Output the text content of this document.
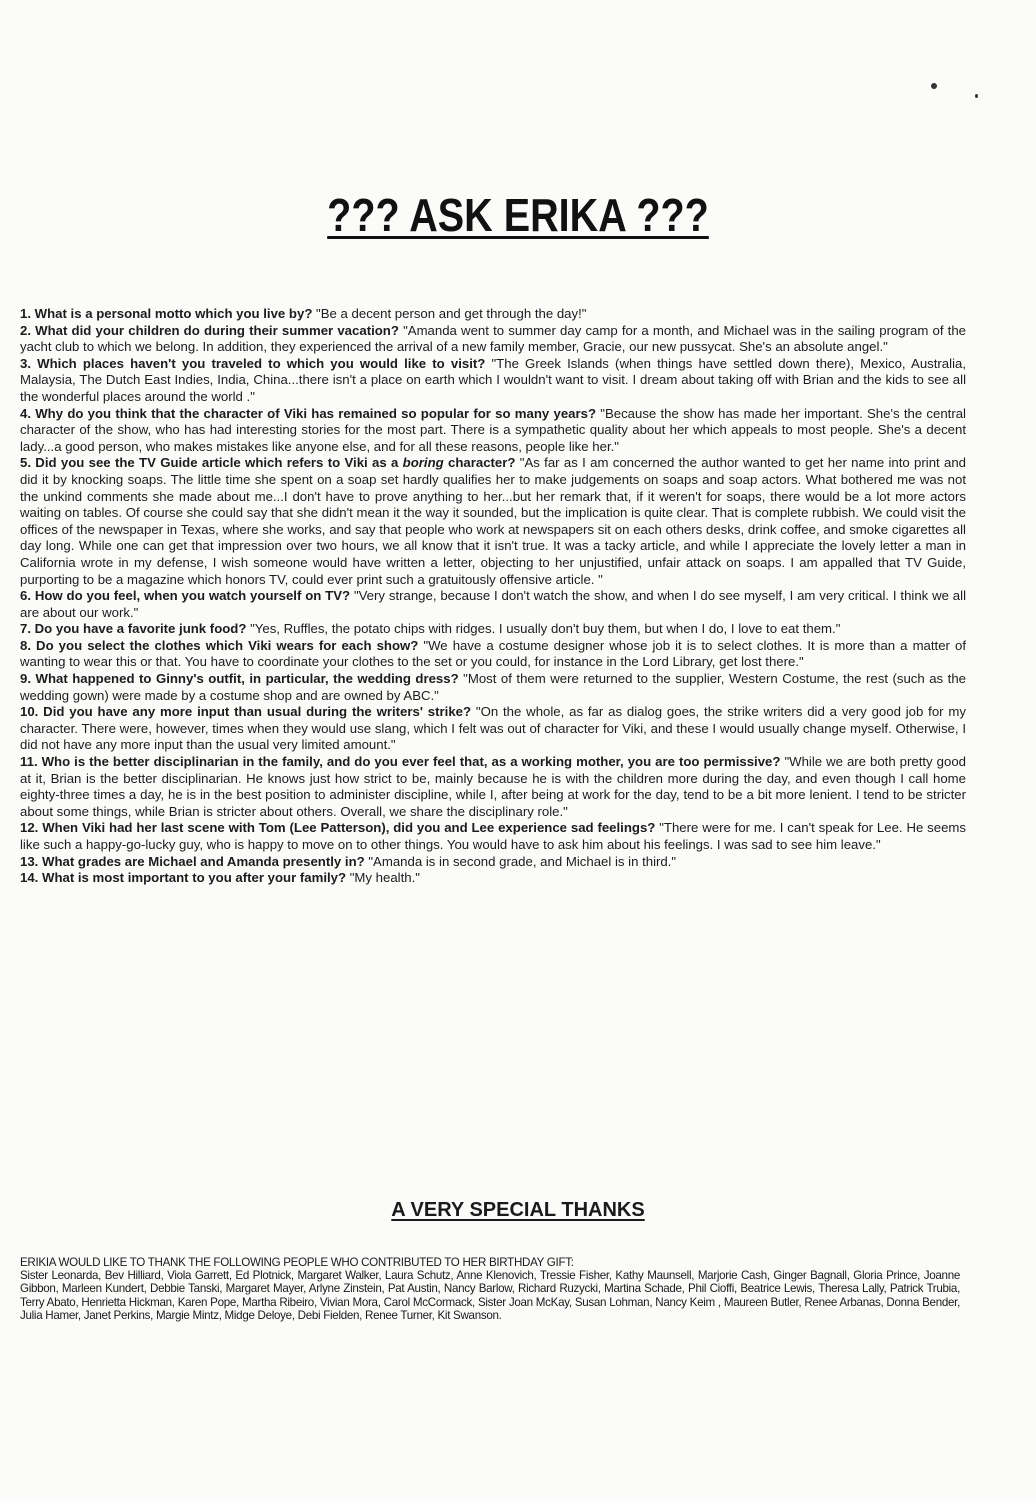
??? ASK ERIKA ???

1. What is a personal motto which you live by? "Be a decent person and get through the day!"

2. What did your children do during their summer vacation? "Amanda went to summer day camp for a month, and Michael was in the sailing program of the yacht club to which we belong. In addition, they experienced the arrival of a new family member, Gracie, our new pussycat. She's an absolute angel."

3. Which places haven't you traveled to which you would like to visit? "The Greek Islands (when things have settled down there), Mexico, Australia, Malaysia, The Dutch East Indies, India, China...there isn't a place on earth which I wouldn't want to visit. I dream about taking off with Brian and the kids to see all the wonderful places around the world ."

4. Why do you think that the character of Viki has remained so popular for so many years? "Because the show has made her important. She's the central character of the show, who has had interesting stories for the most part. There is a sympathetic quality about her which appeals to most people. She's a decent lady...a good person, who makes mistakes like anyone else, and for all these reasons, people like her."

5. Did you see the TV Guide article which refers to Viki as a boring character? "As far as I am concerned the author wanted to get her name into print and did it by knocking soaps. The little time she spent on a soap set hardly qualifies her to make judgements on soaps and soap actors. What bothered me was not the unkind comments she made about me...I don't have to prove anything to her...but her remark that, if it weren't for soaps, there would be a lot more actors waiting on tables. Of course she could say that she didn't mean it the way it sounded, but the implication is quite clear. That is complete rubbish. We could visit the offices of the newspaper in Texas, where she works, and say that people who work at newspapers sit on each others desks, drink coffee, and smoke cigarettes all day long. While one can get that impression over two hours, we all know that it isn't true. It was a tacky article, and while I appreciate the lovely letter a man in California wrote in my defense, I wish someone would have written a letter, objecting to her unjustified, unfair attack on soaps. I am appalled that TV Guide, purporting to be a magazine which honors TV, could ever print such a gratuitously offensive article. "

6. How do you feel, when you watch yourself on TV? "Very strange, because I don't watch the show, and when I do see myself, I am very critical. I think we all are about our work."

7. Do you have a favorite junk food? "Yes, Ruffles, the potato chips with ridges. I usually don't buy them, but when I do, I love to eat them."

8. Do you select the clothes which Viki wears for each show? "We have a costume designer whose job it is to select clothes. It is more than a matter of wanting to wear this or that. You have to coordinate your clothes to the set or you could, for instance in the Lord Library, get lost there."

9. What happened to Ginny's outfit, in particular, the wedding dress? "Most of them were returned to the supplier, Western Costume, the rest (such as the wedding gown) were made by a costume shop and are owned by ABC."

10. Did you have any more input than usual during the writers' strike? "On the whole, as far as dialog goes, the strike writers did a very good job for my character. There were, however, times when they would use slang, which I felt was out of character for Viki, and these I would usually change myself. Otherwise, I did not have any more input than the usual very limited amount."

11. Who is the better disciplinarian in the family, and do you ever feel that, as a working mother, you are too permissive? "While we are both pretty good at it, Brian is the better disciplinarian. He knows just how strict to be, mainly because he is with the children more during the day, and even though I call home eighty-three times a day, he is in the best position to administer discipline, while I, after being at work for the day, tend to be a bit more lenient. I tend to be stricter about some things, while Brian is stricter about others. Overall, we share the disciplinary role."

12. When Viki had her last scene with Tom (Lee Patterson), did you and Lee experience sad feelings? "There were for me. I can't speak for Lee. He seems like such a happy-go-lucky guy, who is happy to move on to other things. You would have to ask him about his feelings. I was sad to see him leave."

13. What grades are Michael and Amanda presently in? "Amanda is in second grade, and Michael is in third."

14. What is most important to you after your family? "My health."

A VERY SPECIAL THANKS
ERIKIA WOULD LIKE TO THANK THE FOLLOWING PEOPLE WHO CONTRIBUTED TO HER BIRTHDAY GIFT:
Sister Leonarda, Bev Hilliard, Viola Garrett, Ed Plotnick, Margaret Walker, Laura Schutz, Anne Klenovich, Tressie Fisher, Kathy Maunsell, Marjorie Cash, Ginger Bagnall, Gloria Prince, Joanne Gibbon, Marleen Kundert, Debbie Tanski, Margaret Mayer, Arlyne Zinstein, Pat Austin, Nancy Barlow, Richard Ruzycki, Martina Schade, Phil Cioffi, Beatrice Lewis, Theresa Lally, Patrick Trubia, Terry Abato, Henrietta Hickman, Karen Pope, Martha Ribeiro, Vivian Mora, Carol McCormack, Sister Joan McKay, Susan Lohman, Nancy Keim , Maureen Butler, Renee Arbanas, Donna Bender, Julia Hamer, Janet Perkins, Margie Mintz, Midge Deloye, Debi Fielden, Renee Turner, Kit Swanson.
